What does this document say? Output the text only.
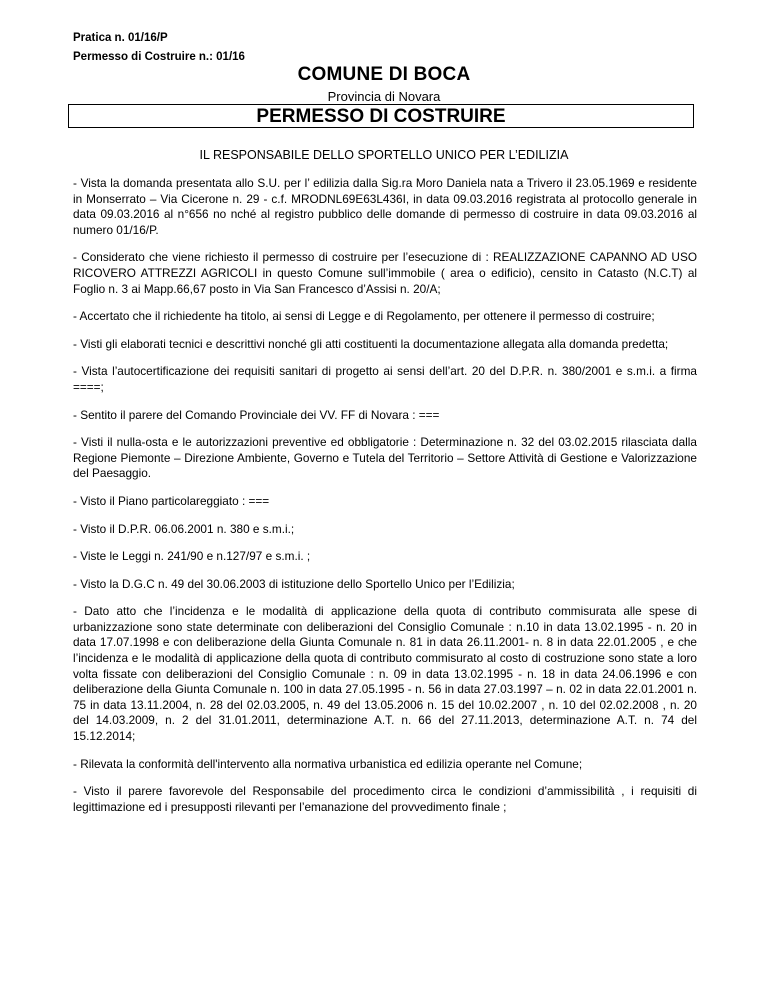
Pratica n. 01/16/P
Permesso di Costruire n.: 01/16
COMUNE DI BOCA
Provincia di Novara
PERMESSO DI COSTRUIRE
IL RESPONSABILE DELLO SPORTELLO UNICO PER L’EDILIZIA

- Vista la domanda presentata allo S.U. per l’ edilizia dalla Sig.ra Moro Daniela nata a Trivero il 23.05.1969 e residente in Monserrato – Via Cicerone n. 29 - c.f. MRODNL69E63L436I, in data 09.03.2016 registrata al protocollo generale in data 09.03.2016 al n°656 no nché al registro pubblico delle domande di permesso di costruire in data 09.03.2016 al numero 01/16/P.

- Considerato che viene richiesto il permesso di costruire per l’esecuzione di : REALIZZAZIONE CAPANNO AD USO RICOVERO ATTREZZI AGRICOLI in questo Comune sull’immobile ( area o edificio), censito in Catasto (N.C.T) al Foglio n. 3 ai Mapp.66,67 posto in Via San Francesco d’Assisi n. 20/A;

- Accertato che il richiedente ha titolo, ai sensi di Legge e di Regolamento, per ottenere il permesso di costruire;

- Visti gli elaborati tecnici e descrittivi nonché gli atti costituenti la documentazione allegata alla domanda predetta;

- Vista l’autocertificazione dei requisiti sanitari di progetto ai sensi dell’art. 20 del D.P.R. n. 380/2001 e s.m.i. a firma ====;

- Sentito il parere del Comando Provinciale dei VV. FF di Novara : ===

- Visti il nulla-osta e le autorizzazioni preventive ed obbligatorie : Determinazione n. 32 del 03.02.2015 rilasciata dalla Regione Piemonte – Direzione Ambiente, Governo e Tutela del Territorio – Settore Attività di Gestione e Valorizzazione del Paesaggio.

- Visto il Piano particolareggiato : ===

- Visto il D.P.R. 06.06.2001 n. 380 e s.m.i.;

- Viste le Leggi n. 241/90 e n.127/97 e s.m.i. ;

- Visto la D.G.C n. 49 del 30.06.2003 di istituzione dello Sportello Unico per l’Edilizia;

- Dato atto che l’incidenza e le modalità di applicazione della quota di contributo commisurata alle spese di urbanizzazione sono state determinate con deliberazioni del Consiglio Comunale : n.10 in data 13.02.1995 - n. 20 in data 17.07.1998 e con deliberazione della Giunta Comunale n. 81 in data 26.11.2001- n. 8 in data 22.01.2005 , e che l’incidenza e le modalità di applicazione della quota di contributo commisurato al costo di costruzione sono state a loro volta fissate con deliberazioni del Consiglio Comunale : n. 09 in data 13.02.1995 - n. 18 in data 24.06.1996 e con deliberazione della Giunta Comunale n. 100 in data 27.05.1995 - n. 56 in data 27.03.1997 – n. 02 in data 22.01.2001 n. 75 in data 13.11.2004, n. 28 del 02.03.2005, n. 49 del 13.05.2006 n. 15 del 10.02.2007 , n. 10 del 02.02.2008 , n. 20 del 14.03.2009, n. 2 del 31.01.2011, determinazione A.T. n. 66 del 27.11.2013, determinazione A.T. n. 74 del 15.12.2014;

- Rilevata la conformità dell'intervento alla normativa urbanistica ed edilizia operante nel Comune;

- Visto il parere favorevole del Responsabile del procedimento circa le condizioni d’ammissibilità , i requisiti di legittimazione ed i presupposti rilevanti per l’emanazione del provvedimento finale ;
